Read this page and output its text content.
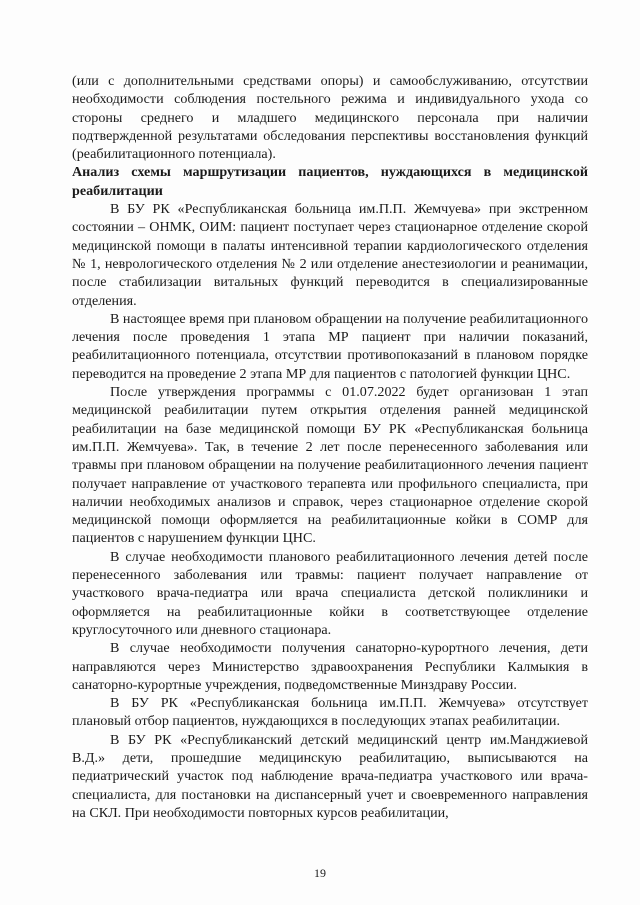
(или с дополнительными средствами опоры) и самообслуживанию, отсутствии необходимости соблюдения постельного режима и индивидуального ухода со стороны среднего и младшего медицинского персонала при наличии подтвержденной результатами обследования перспективы восстановления функций (реабилитационного потенциала).

Анализ схемы маршрутизации пациентов, нуждающихся в медицинской реабилитации

В БУ РК «Республиканская больница им.П.П. Жемчуева» при экстренном состоянии – ОНМК, ОИМ: пациент поступает через стационарное отделение скорой медицинской помощи в палаты интенсивной терапии кардиологического отделения № 1, неврологического отделения № 2 или отделение анестезиологии и реанимации, после стабилизации витальных функций переводится в специализированные отделения.

В настоящее время при плановом обращении на получение реабилитационного лечения после проведения 1 этапа МР пациент при наличии показаний, реабилитационного потенциала, отсутствии противопоказаний в плановом порядке переводится на проведение 2 этапа МР для пациентов с патологией функции ЦНС.

После утверждения программы с 01.07.2022 будет организован 1 этап медицинской реабилитации путем открытия отделения ранней медицинской реабилитации на базе медицинской помощи БУ РК «Республиканская больница им.П.П. Жемчуева». Так, в течение 2 лет после перенесенного заболевания или травмы при плановом обращении на получение реабилитационного лечения пациент получает направление от участкового терапевта или профильного специалиста, при наличии необходимых анализов и справок, через стационарное отделение скорой медицинской помощи оформляется на реабилитационные койки в СОМР для пациентов с нарушением функции ЦНС.

В случае необходимости планового реабилитационного лечения детей после перенесенного заболевания или травмы: пациент получает направление от участкового врача-педиатра или врача специалиста детской поликлиники и оформляется на реабилитационные койки в соответствующее отделение круглосуточного или дневного стационара.

В случае необходимости получения санаторно-курортного лечения, дети направляются через Министерство здравоохранения Республики Калмыкия в санаторно-курортные учреждения, подведомственные Минздраву России.

В БУ РК «Республиканская больница им.П.П. Жемчуева» отсутствует плановый отбор пациентов, нуждающихся в последующих этапах реабилитации.

В БУ РК «Республиканский детский медицинский центр им.Манджиевой В.Д.» дети, прошедшие медицинскую реабилитацию, выписываются на педиатрический участок под наблюдение врача-педиатра участкового или врача-специалиста, для постановки на диспансерный учет и своевременного направления на СКЛ. При необходимости повторных курсов реабилитации,

19
